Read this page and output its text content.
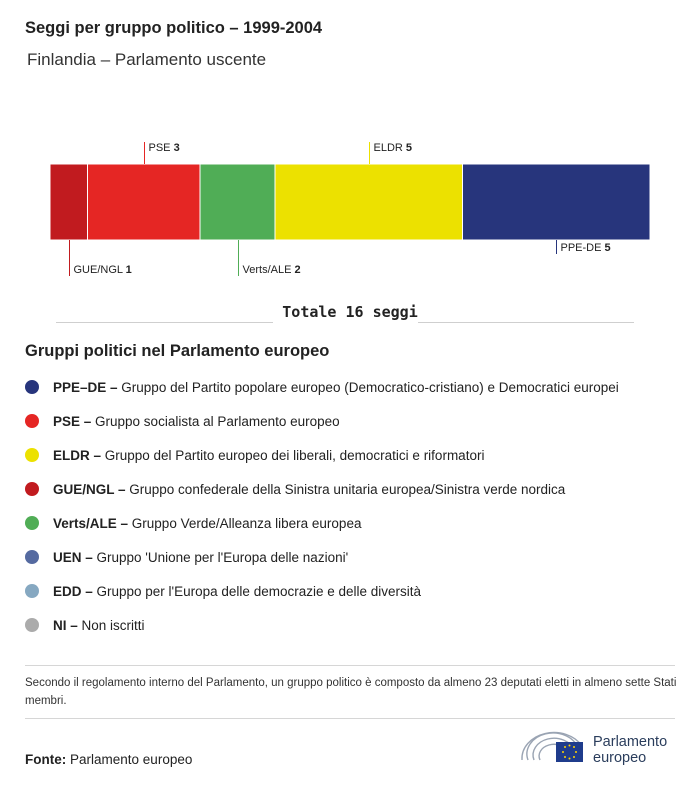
Seggi per gruppo politico – 1999-2004
Finlandia – Parlamento uscente
GUE/NGL 1
PSE 3
Verts/ALE 2
ELDR 5
PPE-DE 5
Totale 16 seggi
Gruppi politici nel Parlamento europeo
PPE–DE – Gruppo del Partito popolare europeo (Democratico-cristiano) e Democratici europei
PSE – Gruppo socialista al Parlamento europeo
ELDR – Gruppo del Partito europeo dei liberali, democratici e riformatori
GUE/NGL – Gruppo confederale della Sinistra unitaria europea/Sinistra verde nordica
Verts/ALE – Gruppo Verde/Alleanza libera europea
UEN – Gruppo 'Unione per l'Europa delle nazioni'
EDD – Gruppo per l'Europa delle democrazie e delle diversità
NI – Non iscritti
Secondo il regolamento interno del Parlamento, un gruppo politico è composto da almeno 23 deputati eletti in almeno sette Stati membri.
Fonte: Parlamento europeo
Parlamento
europeo
